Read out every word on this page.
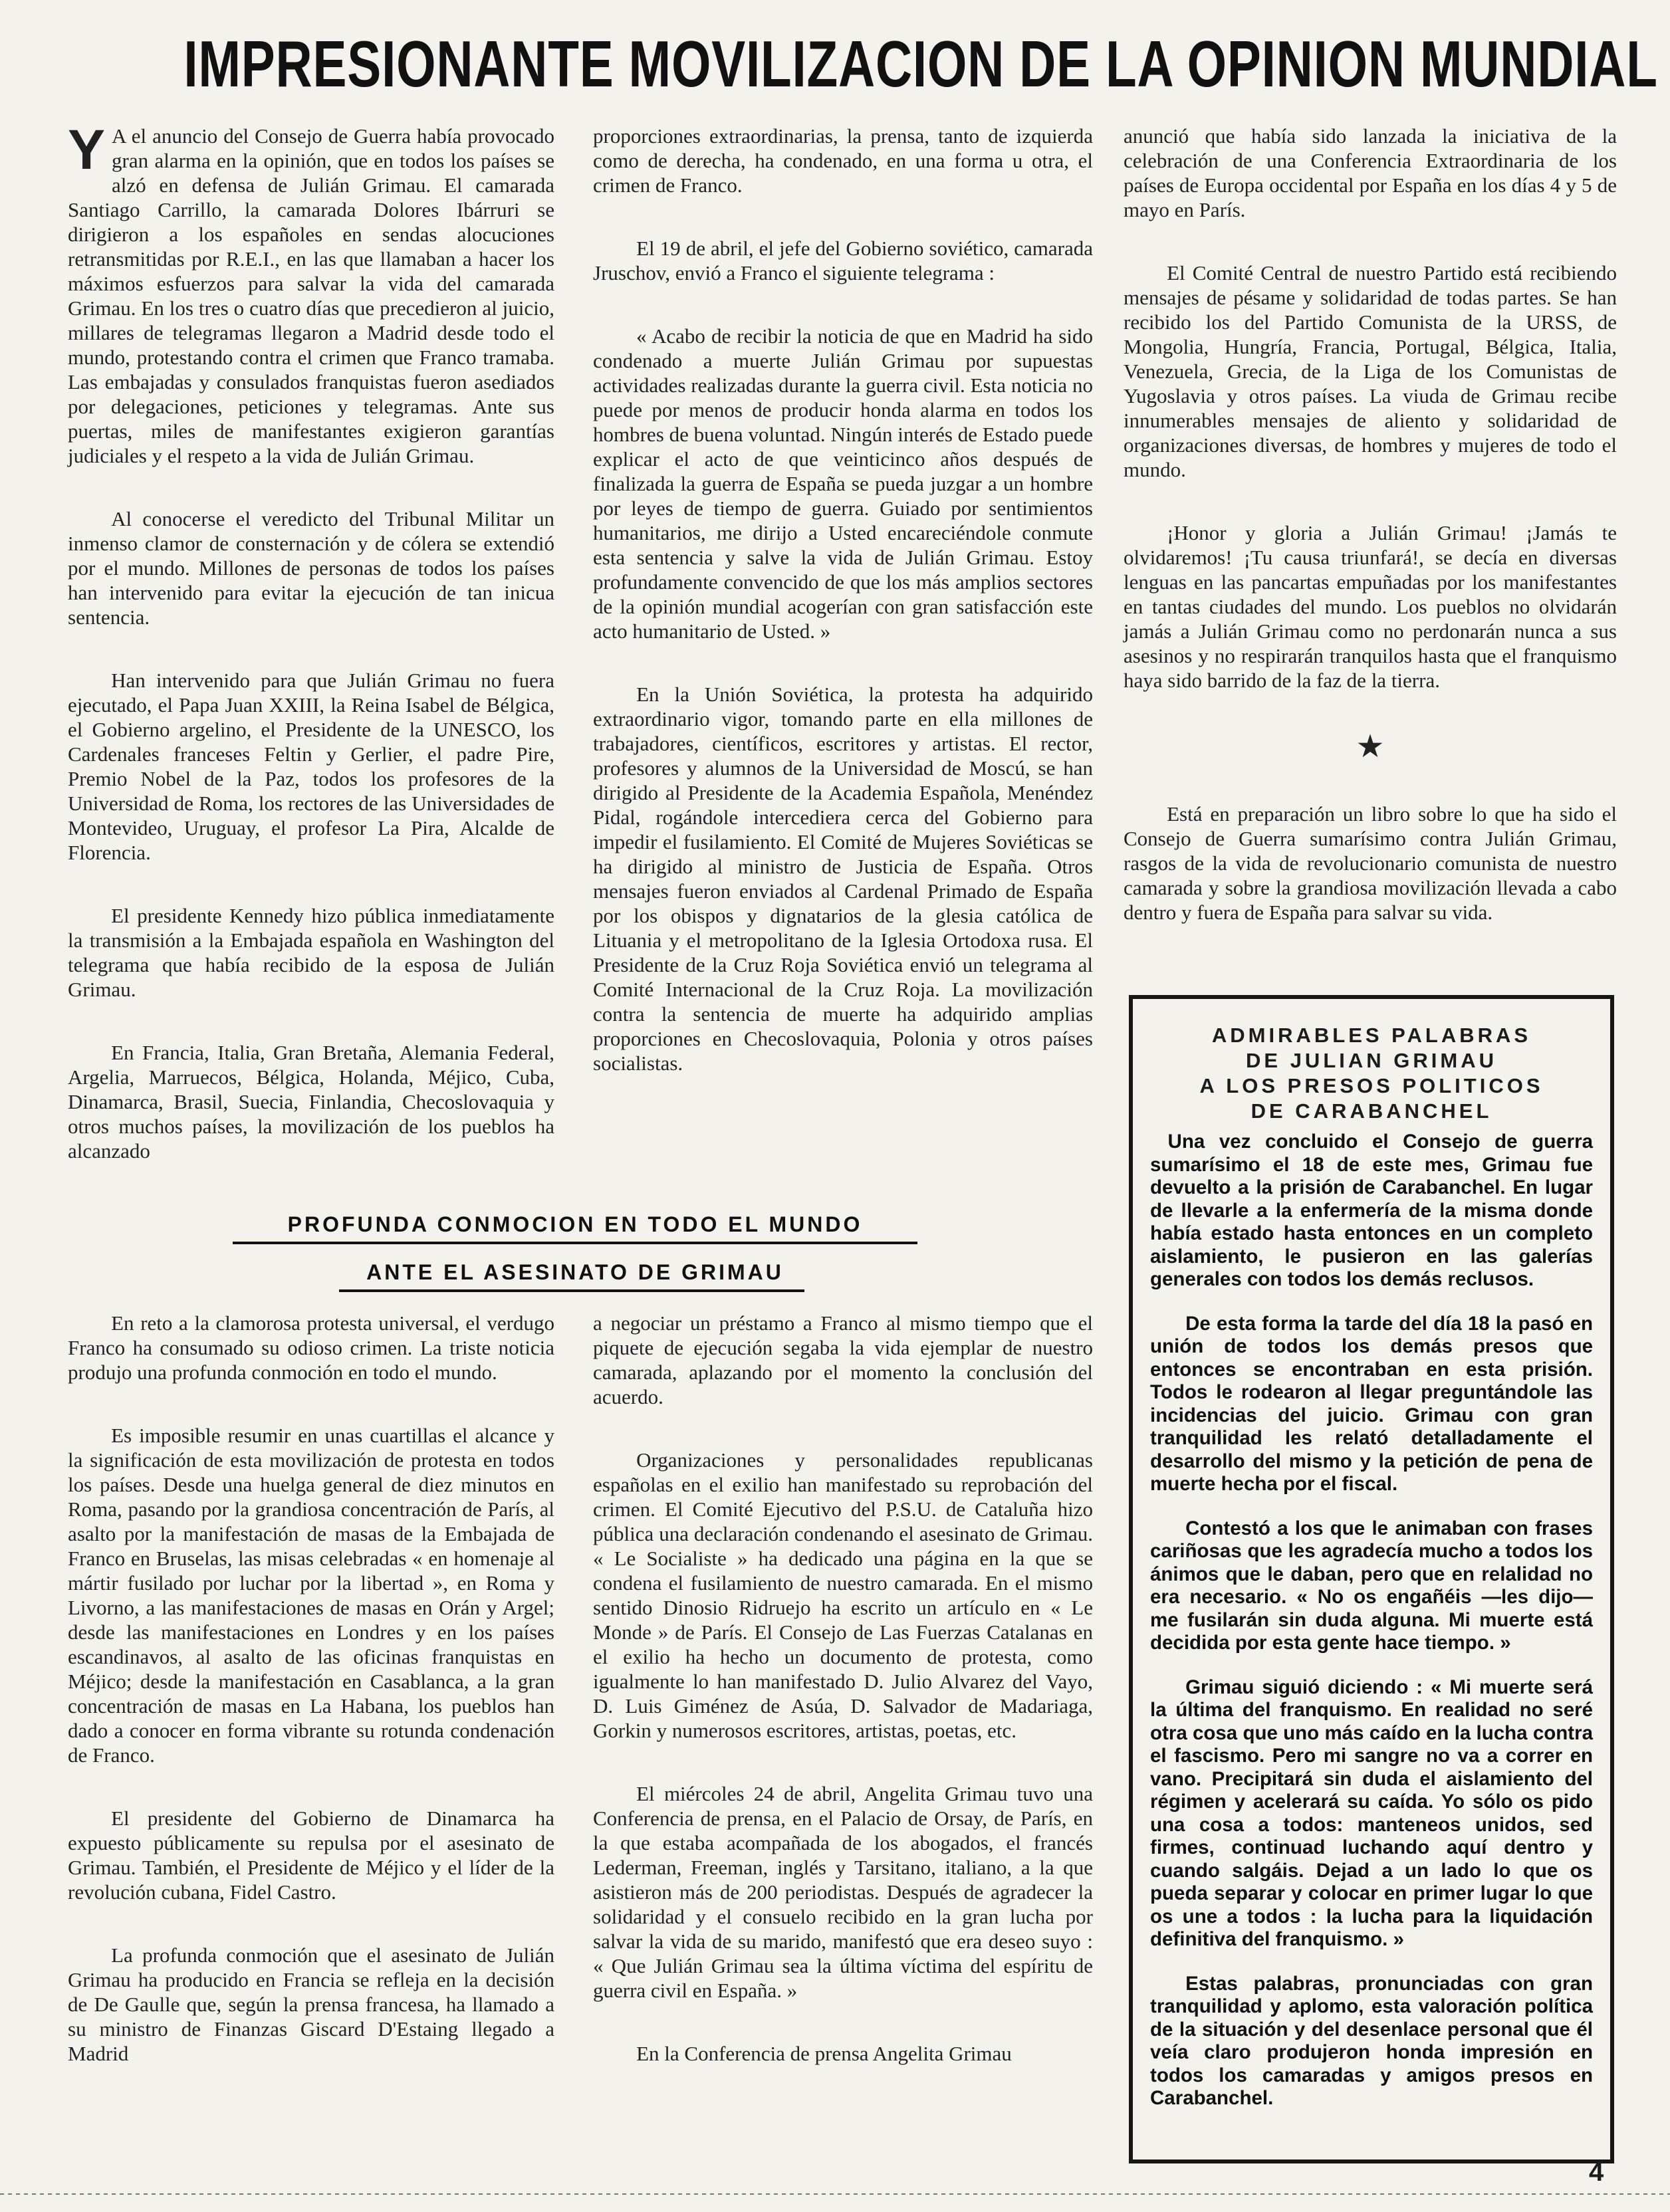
IMPRESIONANTE MOVILIZACION DE LA OPINION MUNDIAL

Y A el anuncio del Consejo de Guerra había provocado gran alarma en la opinión, que en todos los países se alzó en defensa de Julián Grimau. El camarada Santiago Carrillo, la camarada Dolores Ibárruri se dirigieron a los españoles en sendas alocuciones retransmitidas por R.E.I., en las que llamaban a hacer los máximos esfuerzos para salvar la vida del camarada Grimau. En los tres o cuatro días que precedieron al juicio, millares de telegramas llegaron a Madrid desde todo el mundo, protestando contra el crimen que Franco tramaba. Las embajadas y consulados franquistas fueron asediados por delegaciones, peticiones y telegramas. Ante sus puertas, miles de manifestantes exigieron garantías judiciales y el respeto a la vida de Julián Grimau.

Al conocerse el veredicto del Tribunal Militar un inmenso clamor de consternación y de cólera se extendió por el mundo. Millones de personas de todos los países han intervenido para evitar la ejecución de tan inicua sentencia.

Han intervenido para que Julián Grimau no fuera ejecutado, el Papa Juan XXIII, la Reina Isabel de Bélgica, el Gobierno argelino, el Presidente de la UNESCO, los Cardenales franceses Feltin y Gerlier, el padre Pire, Premio Nobel de la Paz, todos los profesores de la Universidad de Roma, los rectores de las Universidades de Montevideo, Uruguay, el profesor La Pira, Alcalde de Florencia.

El presidente Kennedy hizo pública inmediatamente la transmisión a la Embajada española en Washington del telegrama que había recibido de la esposa de Julián Grimau.

En Francia, Italia, Gran Bretaña, Alemania Federal, Argelia, Marruecos, Bélgica, Holanda, Méjico, Cuba, Dinamarca, Brasil, Suecia, Finlandia, Checoslovaquia y otros muchos países, la movilización de los pueblos ha alcanzado

proporciones extraordinarias, la prensa, tanto de izquierda como de derecha, ha condenado, en una forma u otra, el crimen de Franco.

El 19 de abril, el jefe del Gobierno soviético, camarada Jruschov, envió a Franco el siguiente telegrama :

« Acabo de recibir la noticia de que en Madrid ha sido condenado a muerte Julián Grimau por supuestas actividades realizadas durante la guerra civil. Esta noticia no puede por menos de producir honda alarma en todos los hombres de buena voluntad. Ningún interés de Estado puede explicar el acto de que veinticinco años después de finalizada la guerra de España se pueda juzgar a un hombre por leyes de tiempo de guerra. Guiado por sentimientos humanitarios, me dirijo a Usted encareciéndole conmute esta sentencia y salve la vida de Julián Grimau. Estoy profundamente convencido de que los más amplios sectores de la opinión mundial acogerían con gran satisfacción este acto humanitario de Usted. »

En la Unión Soviética, la protesta ha adquirido extraordinario vigor, tomando parte en ella millones de trabajadores, científicos, escritores y artistas. El rector, profesores y alumnos de la Universidad de Moscú, se han dirigido al Presidente de la Academia Española, Menéndez Pidal, rogándole intercediera cerca del Gobierno para impedir el fusilamiento. El Comité de Mujeres Soviéticas se ha dirigido al ministro de Justicia de España. Otros mensajes fueron enviados al Cardenal Primado de España por los obispos y dignatarios de la glesia católica de Lituania y el metropolitano de la Iglesia Ortodoxa rusa. El Presidente de la Cruz Roja Soviética envió un telegrama al Comité Internacional de la Cruz Roja. La movilización contra la sentencia de muerte ha adquirido amplias proporciones en Checoslovaquia, Polonia y otros países socialistas.

anunció que había sido lanzada la iniciativa de la celebración de una Conferencia Extraordinaria de los países de Europa occidental por España en los días 4 y 5 de mayo en París.

El Comité Central de nuestro Partido está recibiendo mensajes de pésame y solidaridad de todas partes. Se han recibido los del Partido Comunista de la URSS, de Mongolia, Hungría, Francia, Portugal, Bélgica, Italia, Venezuela, Grecia, de la Liga de los Comunistas de Yugoslavia y otros países. La viuda de Grimau recibe innumerables mensajes de aliento y solidaridad de organizaciones diversas, de hombres y mujeres de todo el mundo.

¡Honor y gloria a Julián Grimau! ¡Jamás te olvidaremos! ¡Tu causa triunfará!, se decía en diversas lenguas en las pancartas empuñadas por los manifestantes en tantas ciudades del mundo. Los pueblos no olvidarán jamás a Julián Grimau como no perdonarán nunca a sus asesinos y no respirarán tranquilos hasta que el franquismo haya sido barrido de la faz de la tierra.

★

Está en preparación un libro sobre lo que ha sido el Consejo de Guerra sumarísimo contra Julián Grimau, rasgos de la vida de revolucionario comunista de nuestro camarada y sobre la grandiosa movilización llevada a cabo dentro y fuera de España para salvar su vida.

PROFUNDA CONMOCION EN TODO EL MUNDO
ANTE EL ASESINATO DE GRIMAU

En reto a la clamorosa protesta universal, el verdugo Franco ha consumado su odioso crimen. La triste noticia produjo una profunda conmoción en todo el mundo.

Es imposible resumir en unas cuartillas el alcance y la significación de esta movilización de protesta en todos los países. Desde una huelga general de diez minutos en Roma, pasando por la grandiosa concentración de París, al asalto por la manifestación de masas de la Embajada de Franco en Bruselas, las misas celebradas « en homenaje al mártir fusilado por luchar por la libertad », en Roma y Livorno, a las manifestaciones de masas en Orán y Argel; desde las manifestaciones en Londres y en los países escandinavos, al asalto de las oficinas franquistas en Méjico; desde la manifestación en Casablanca, a la gran concentración de masas en La Habana, los pueblos han dado a conocer en forma vibrante su rotunda condenación de Franco.

El presidente del Gobierno de Dinamarca ha expuesto públicamente su repulsa por el asesinato de Grimau. También, el Presidente de Méjico y el líder de la revolución cubana, Fidel Castro.

La profunda conmoción que el asesinato de Julián Grimau ha producido en Francia se refleja en la decisión de De Gaulle que, según la prensa francesa, ha llamado a su ministro de Finanzas Giscard D'Estaing llegado a Madrid

a negociar un préstamo a Franco al mismo tiempo que el piquete de ejecución segaba la vida ejemplar de nuestro camarada, aplazando por el momento la conclusión del acuerdo.

Organizaciones y personalidades republicanas españolas en el exilio han manifestado su reprobación del crimen. El Comité Ejecutivo del P.S.U. de Cataluña hizo pública una declaración condenando el asesinato de Grimau. « Le Socialiste » ha dedicado una página en la que se condena el fusilamiento de nuestro camarada. En el mismo sentido Dinosio Ridruejo ha escrito un artículo en « Le Monde » de París. El Consejo de Las Fuerzas Catalanas en el exilio ha hecho un documento de protesta, como igualmente lo han manifestado D. Julio Alvarez del Vayo, D. Luis Giménez de Asúa, D. Salvador de Madariaga, Gorkin y numerosos escritores, artistas, poetas, etc.

El miércoles 24 de abril, Angelita Grimau tuvo una Conferencia de prensa, en el Palacio de Orsay, de París, en la que estaba acompañada de los abogados, el francés Lederman, Freeman, inglés y Tarsitano, italiano, a la que asistieron más de 200 periodistas. Después de agradecer la solidaridad y el consuelo recibido en la gran lucha por salvar la vida de su marido, manifestó que era deseo suyo : « Que Julián Grimau sea la última víctima del espíritu de guerra civil en España. »

En la Conferencia de prensa Angelita Grimau

ADMIRABLES PALABRAS
DE JULIAN GRIMAU
A LOS PRESOS POLITICOS
DE CARABANCHEL

Una vez concluido el Consejo de guerra sumarísimo el 18 de este mes, Grimau fue devuelto a la prisión de Carabanchel. En lugar de llevarle a la enfermería de la misma donde había estado hasta entonces en un completo aislamiento, le pusieron en las galerías generales con todos los demás reclusos.

De esta forma la tarde del día 18 la pasó en unión de todos los demás presos que entonces se encontraban en esta prisión. Todos le rodearon al llegar preguntándole las incidencias del juicio. Grimau con gran tranquilidad les relató detalladamente el desarrollo del mismo y la petición de pena de muerte hecha por el fiscal.

Contestó a los que le animaban con frases cariñosas que les agradecía mucho a todos los ánimos que le daban, pero que en relalidad no era necesario. « No os engañéis —les dijo— me fusilarán sin duda alguna. Mi muerte está decidida por esta gente hace tiempo. »

Grimau siguió diciendo : « Mi muerte será la última del franquismo. En realidad no seré otra cosa que uno más caído en la lucha contra el fascismo. Pero mi sangre no va a correr en vano. Precipitará sin duda el aislamiento del régimen y acelerará su caída. Yo sólo os pido una cosa a todos: manteneos unidos, sed firmes, continuad luchando aquí dentro y cuando salgáis. Dejad a un lado lo que os pueda separar y colocar en primer lugar lo que os une a todos : la lucha para la liquidación definitiva del franquismo. »

Estas palabras, pronunciadas con gran tranquilidad y aplomo, esta valoración política de la situación y del desenlace personal que él veía claro produjeron honda impresión en todos los camaradas y amigos presos en Carabanchel.

4
